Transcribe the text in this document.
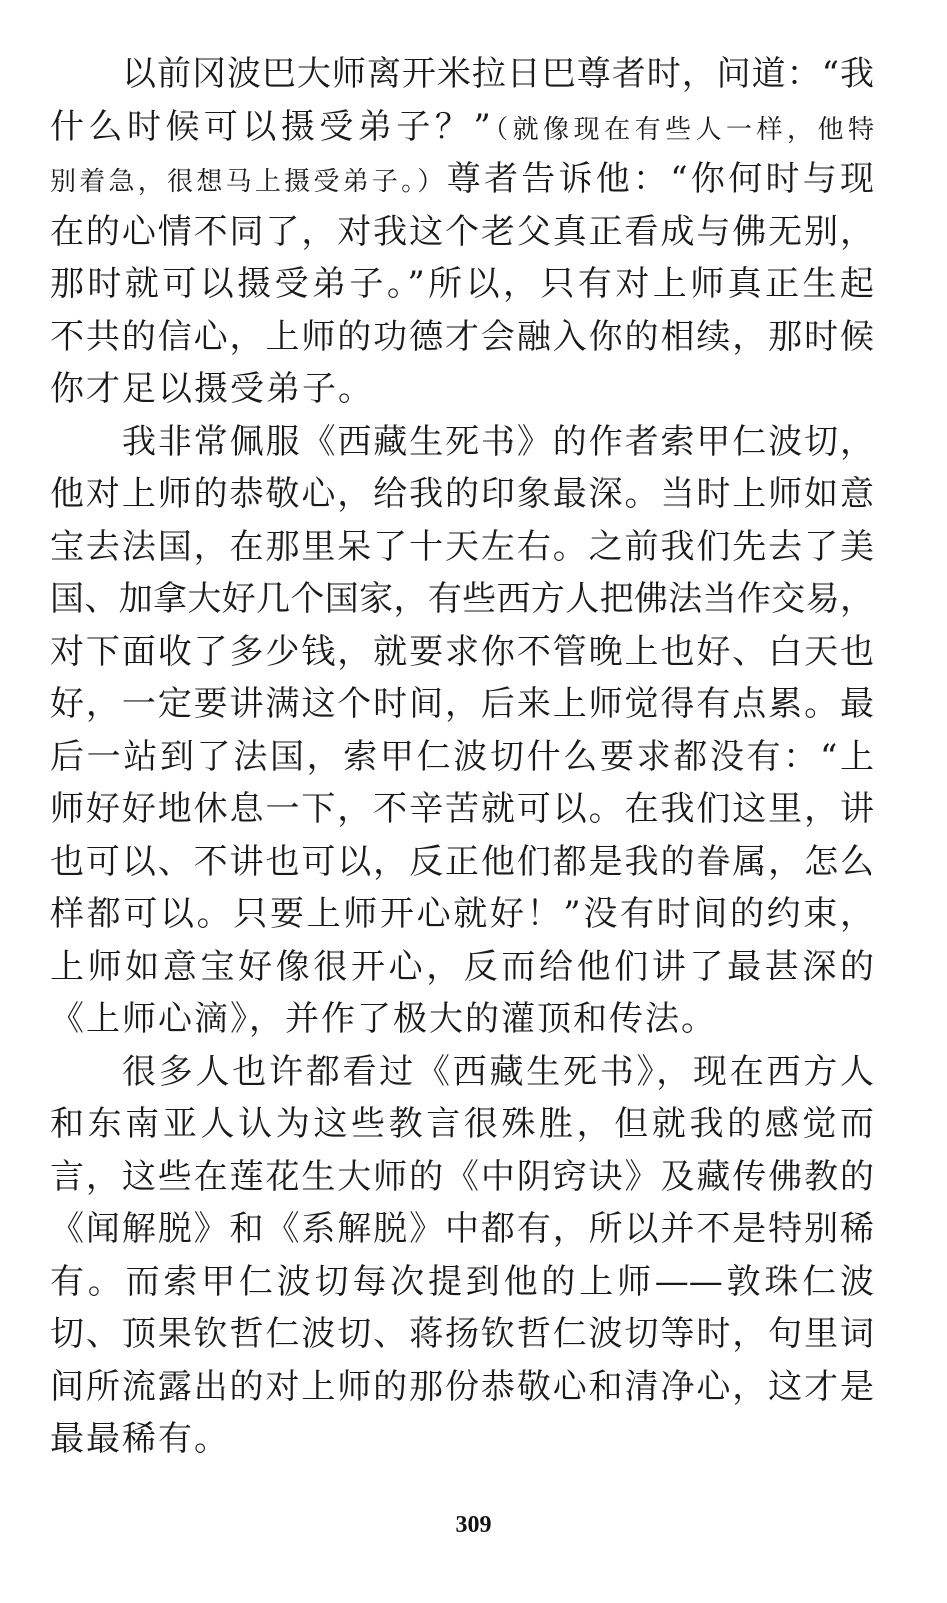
以前冈波巴大师离开米拉日巴尊者时，问道：“我
什么时候可以摄受弟子？”（就像现在有些人一样，他特
别着急，很想马上摄受弟子。）尊者告诉他：“你何时与现
在的心情不同了，对我这个老父真正看成与佛无别，
那时就可以摄受弟子。”所以，只有对上师真正生起
不共的信心，上师的功德才会融入你的相续，那时候
你才足以摄受弟子。
我非常佩服《西藏生死书》的作者索甲仁波切，
他对上师的恭敬心，给我的印象最深。当时上师如意
宝去法国，在那里呆了十天左右。之前我们先去了美
国、加拿大好几个国家，有些西方人把佛法当作交易，
对下面收了多少钱，就要求你不管晚上也好、白天也
好，一定要讲满这个时间，后来上师觉得有点累。最
后一站到了法国，索甲仁波切什么要求都没有：“上
师好好地休息一下，不辛苦就可以。在我们这里，讲
也可以、不讲也可以，反正他们都是我的眷属，怎么
样都可以。只要上师开心就好！”没有时间的约束，
上师如意宝好像很开心，反而给他们讲了最甚深的
《上师心滴》，并作了极大的灌顶和传法。
很多人也许都看过《西藏生死书》，现在西方人
和东南亚人认为这些教言很殊胜，但就我的感觉而
言，这些在莲花生大师的《中阴窍诀》及藏传佛教的
《闻解脱》和《系解脱》中都有，所以并不是特别稀
有。而索甲仁波切每次提到他的上师——敦珠仁波
切、顶果钦哲仁波切、蒋扬钦哲仁波切等时，句里词
间所流露出的对上师的那份恭敬心和清净心，这才是
最最稀有。
309
